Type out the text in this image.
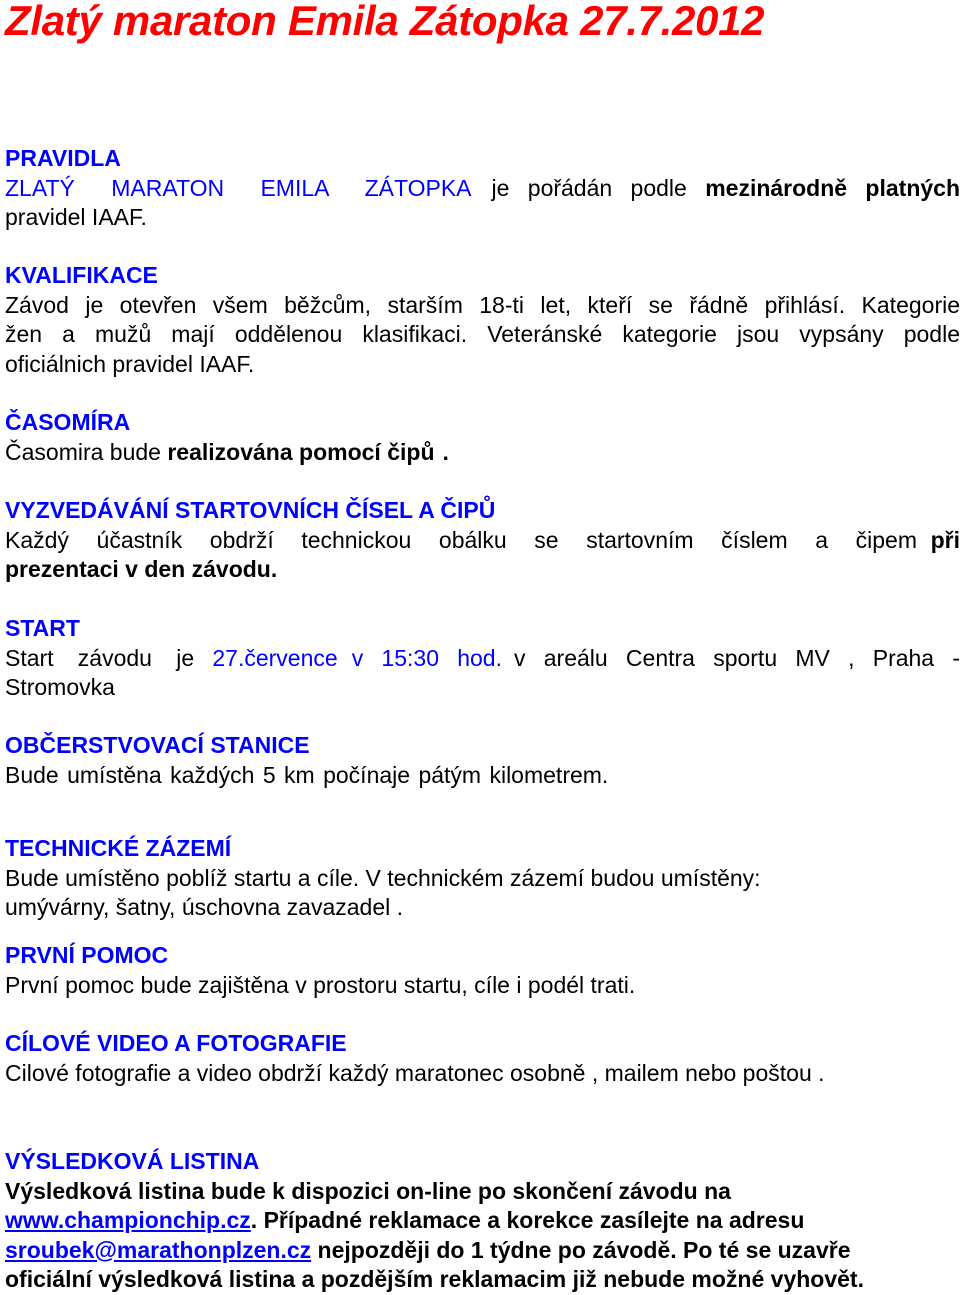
Zlatý maraton Emila Zátopka 27.7.2012
PRAVIDLA
ZLATÝ MARATON EMILA ZÁTOPKA je pořádán podle mezinárodně platných
pravidel IAAF.
KVALIFIKACE
Závod je otevřen všem běžcům, starším 18-ti let, kteří se řádně přihlásí. Kategorie
žen a mužů mají oddělenou klasifikaci. Veteránské kategorie jsou vypsány podle
oficiálnich pravidel IAAF.
ČASOMÍRA
Časomira bude realizována pomocí čipů .
VYZVEDÁVÁNÍ STARTOVNÍCH ČÍSEL A ČIPŮ
Každý účastník obdrží technickou obálku se startovním číslem a čipem při
prezentaci v den závodu.
START
Start závodu je 27.července v 15:30 hod. v areálu Centra sportu MV , Praha -
Stromovka
OBČERSTVOVACÍ STANICE
Bude umístěna každých 5 km počínaje pátým kilometrem.
TECHNICKÉ ZÁZEMÍ
Bude umístěno poblíž startu a cíle. V technickém zázemí budou umístěny:
umývárny, šatny, úschovna zavazadel .
PRVNÍ POMOC
První pomoc bude zajištěna v prostoru startu, cíle i podél trati.
CÍLOVÉ VIDEO A FOTOGRAFIE
Cilové fotografie a video obdrží každý maratonec osobně , mailem nebo poštou .
VÝSLEDKOVÁ LISTINA
Výsledková listina bude k dispozici on-line po skončení závodu na
www.championchip.cz. Případné reklamace a korekce zasílejte na adresu
sroubek@marathonplzen.cz nejpozději do 1 týdne po závodě. Po té se uzavře
oficiální výsledková listina a pozdějším reklamacim již nebude možné vyhovět.
